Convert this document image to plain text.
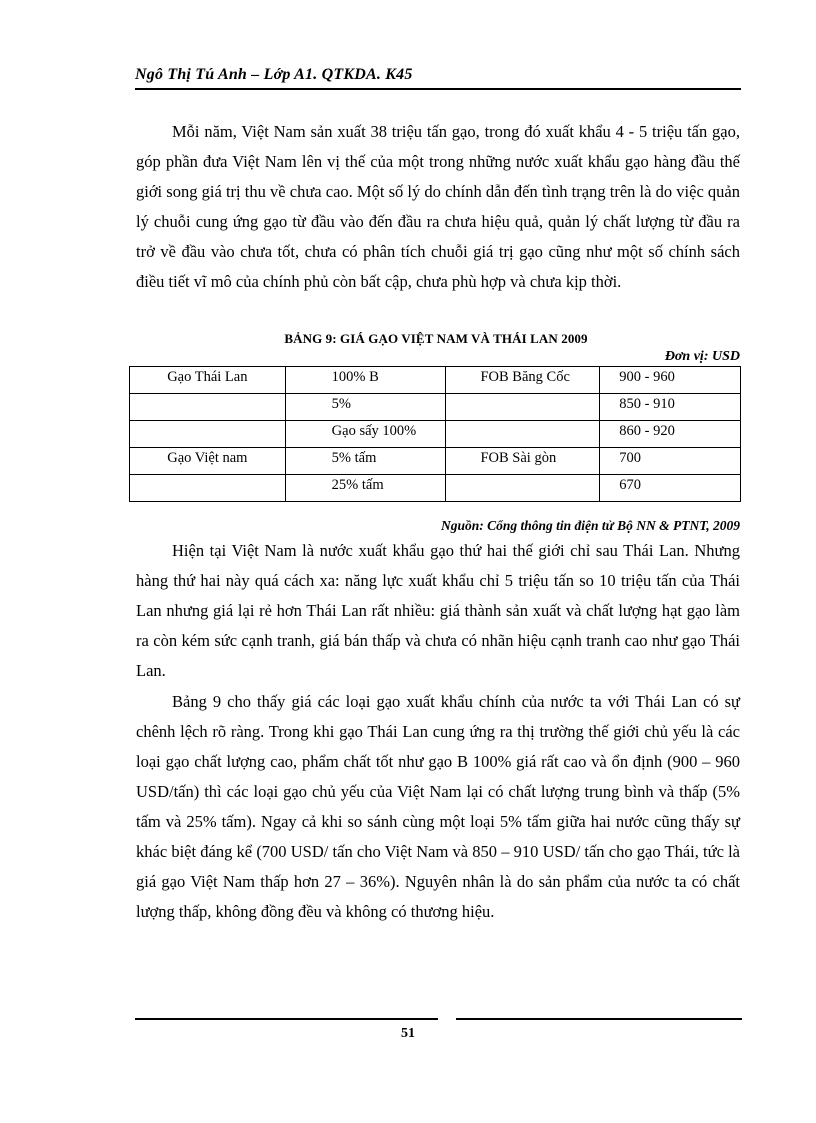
Ngô Thị Tú Anh – Lớp A1. QTKDA. K45
Mỗi năm, Việt Nam sản xuất 38 triệu tấn gạo, trong đó xuất khẩu 4 - 5 triệu tấn gạo, góp phần đưa Việt Nam lên vị thế của một trong những nước xuất khẩu gạo hàng đầu thế giới song giá trị thu về chưa cao. Một số lý do chính dẫn đến tình trạng trên là do việc quản lý chuỗi cung ứng gạo từ đầu vào đến đầu ra chưa hiệu quả, quản lý chất lượng từ đầu ra trở về đầu vào chưa tốt, chưa có phân tích chuỗi giá trị gạo cũng như một số chính sách điều tiết vĩ mô của chính phủ còn bất cập, chưa phù hợp và chưa kịp thời.
BẢNG 9: GIÁ GẠO VIỆT NAM VÀ THÁI LAN 2009
Đơn vị: USD
Gạo Thái Lan	100% B	FOB Băng Cốc	900 - 960
	5%		850 - 910
	Gạo sấy 100%		860 - 920
Gạo Việt nam	5% tấm	FOB Sài gòn	700
	25% tấm		670
Nguồn: Cổng thông tin điện tử Bộ NN & PTNT, 2009
Hiện tại Việt Nam là nước xuất khẩu gạo thứ hai thế giới chỉ sau Thái Lan. Nhưng hàng thứ hai này quá cách xa: năng lực xuất khẩu chỉ 5 triệu tấn so 10 triệu tấn của Thái Lan nhưng giá lại rẻ hơn Thái Lan rất nhiều: giá thành sản xuất và chất lượng hạt gạo làm ra còn kém sức cạnh tranh, giá bán thấp và chưa có nhãn hiệu cạnh tranh cao như gạo Thái Lan.
Bảng 9 cho thấy giá các loại gạo xuất khẩu chính của nước ta với Thái Lan có sự chênh lệch rõ ràng. Trong khi gạo Thái Lan cung ứng ra thị trường thế giới chủ yếu là các loại gạo chất lượng cao, phẩm chất tốt như gạo B 100% giá rất cao và ổn định (900 – 960 USD/tấn) thì các loại gạo chủ yếu của Việt Nam lại có chất lượng trung bình và thấp (5% tấm và 25% tấm). Ngay cả khi so sánh cùng một loại 5% tấm giữa hai nước cũng thấy sự khác biệt đáng kể (700 USD/ tấn cho Việt Nam và 850 – 910 USD/ tấn cho gạo Thái, tức là giá gạo Việt Nam thấp hơn 27 – 36%). Nguyên nhân là do sản phẩm của nước ta có chất lượng thấp, không đồng đều và không có thương hiệu.
51
